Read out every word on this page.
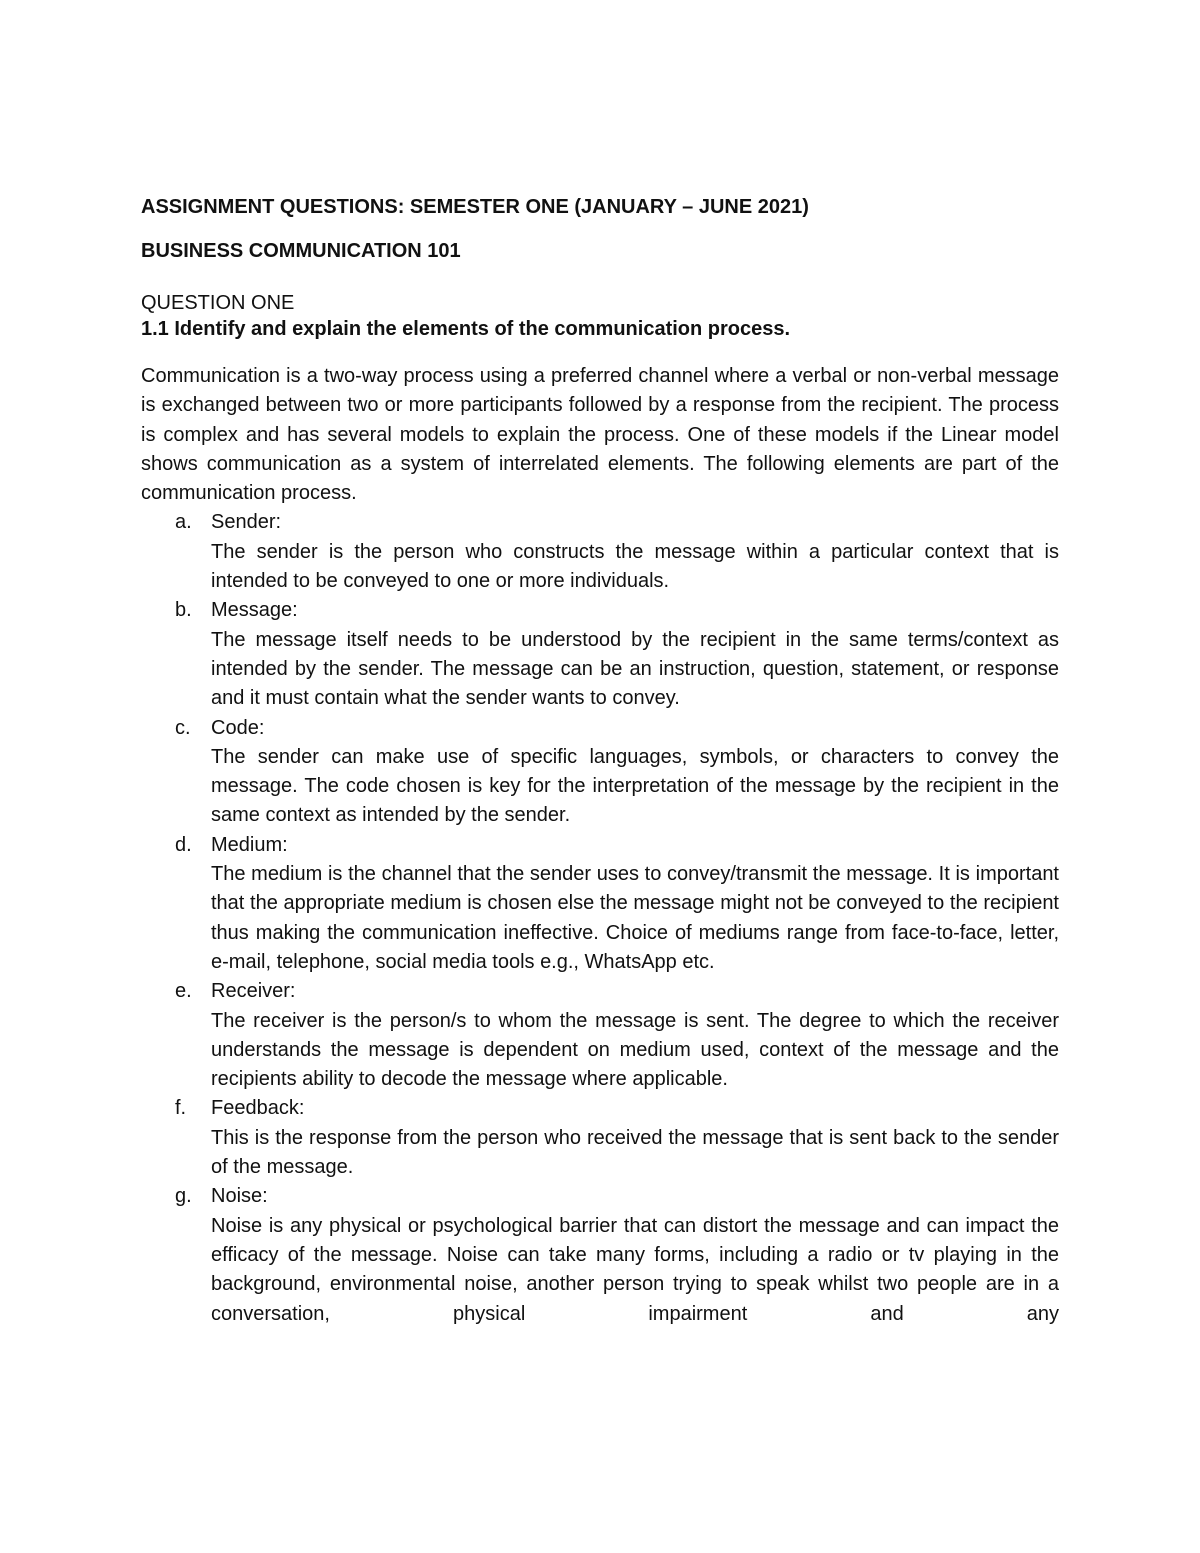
ASSIGNMENT QUESTIONS: SEMESTER ONE (JANUARY – JUNE 2021)

BUSINESS COMMUNICATION 101

QUESTION ONE

1.1 Identify and explain the elements of the communication process.

Communication is a two-way process using a preferred channel where a verbal or non-verbal message is exchanged between two or more participants followed by a response from the recipient. The process is complex and has several models to explain the process. One of these models if the Linear model shows communication as a system of interrelated elements. The following elements are part of the communication process.

a. Sender:
The sender is the person who constructs the message within a particular context that is intended to be conveyed to one or more individuals.
b. Message:
The message itself needs to be understood by the recipient in the same terms/context as intended by the sender. The message can be an instruction, question, statement, or response and it must contain what the sender wants to convey.
c. Code:
The sender can make use of specific languages, symbols, or characters to convey the message. The code chosen is key for the interpretation of the message by the recipient in the same context as intended by the sender.
d. Medium:
The medium is the channel that the sender uses to convey/transmit the message. It is important that the appropriate medium is chosen else the message might not be conveyed to the recipient thus making the communication ineffective. Choice of mediums range from face-to-face, letter, e-mail, telephone, social media tools e.g., WhatsApp etc.
e. Receiver:
The receiver is the person/s to whom the message is sent. The degree to which the receiver understands the message is dependent on medium used, context of the message and the recipients ability to decode the message where applicable.
f. Feedback:
This is the response from the person who received the message that is sent back to the sender of the message.
g. Noise:
Noise is any physical or psychological barrier that can distort the message and can impact the efficacy of the message. Noise can take many forms, including a radio or tv playing in the background, environmental noise, another person trying to speak whilst two people are in a conversation, physical impairment and any
